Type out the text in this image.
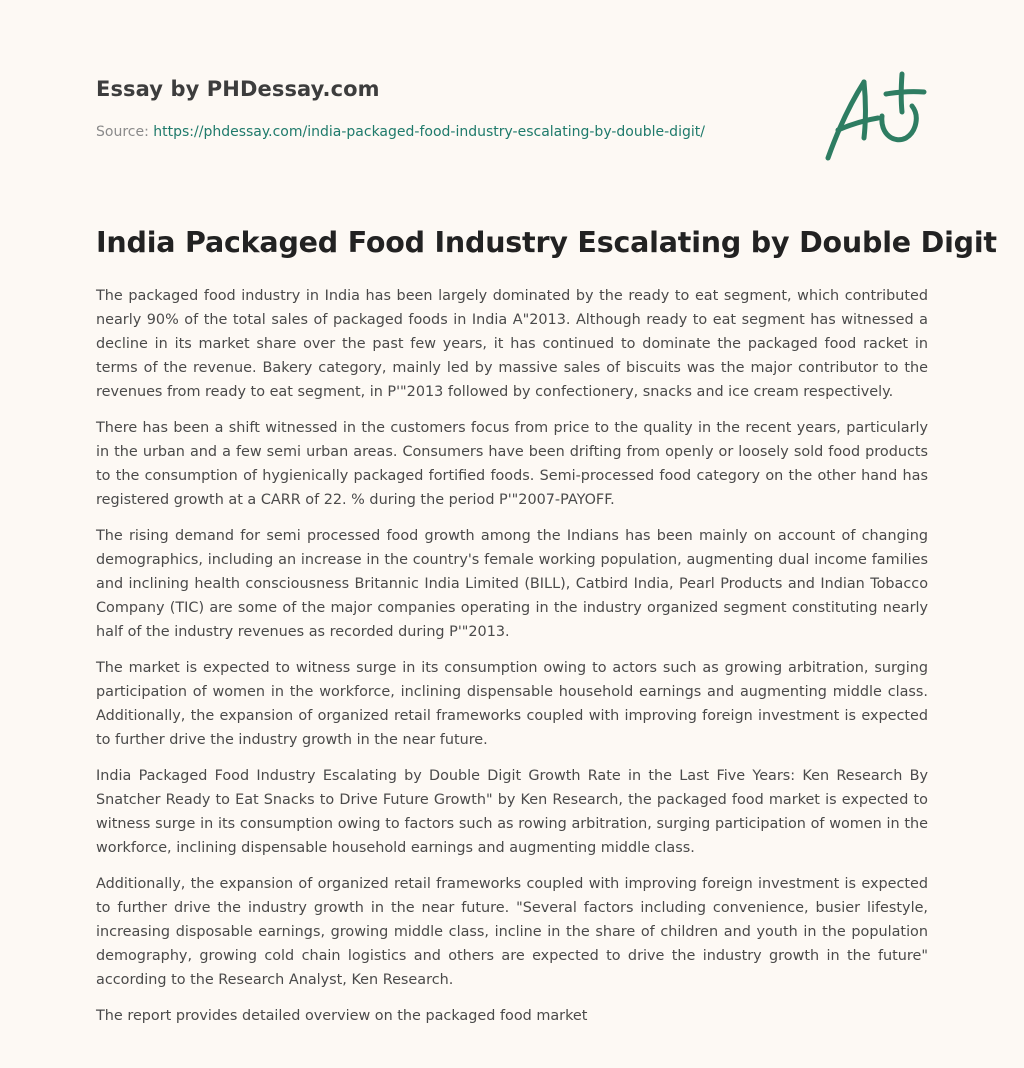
Essay by PHDessay.com
Source: https://phdessay.com/india-packaged-food-industry-escalating-by-double-digit/
India Packaged Food Industry Escalating by Double Digit

The packaged food industry in India has been largely dominated by the ready to eat segment, which contributed nearly 90% of the total sales of packaged foods in India A"2013. Although ready to eat segment has witnessed a decline in its market share over the past few years, it has continued to dominate the packaged food racket in terms of the revenue. Bakery category, mainly led by massive sales of biscuits was the major contributor to the revenues from ready to eat segment, in P'"2013 followed by confectionery, snacks and ice cream respectively.

There has been a shift witnessed in the customers focus from price to the quality in the recent years, particularly in the urban and a few semi urban areas. Consumers have been drifting from openly or loosely sold food products to the consumption of hygienically packaged fortified foods. Semi-processed food category on the other hand has registered growth at a CARR of 22. % during the period P'"2007-PAYOFF.

The rising demand for semi processed food growth among the Indians has been mainly on account of changing demographics, including an increase in the country's female working population, augmenting dual income families and inclining health consciousness Britannic India Limited (BILL), Catbird India, Pearl Products and Indian Tobacco Company (TIC) are some of the major companies operating in the industry organized segment constituting nearly half of the industry revenues as recorded during P'"2013.

The market is expected to witness surge in its consumption owing to actors such as growing arbitration, surging participation of women in the workforce, inclining dispensable household earnings and augmenting middle class. Additionally, the expansion of organized retail frameworks coupled with improving foreign investment is expected to further drive the industry growth in the near future.

India Packaged Food Industry Escalating by Double Digit Growth Rate in the Last Five Years: Ken Research By Snatcher Ready to Eat Snacks to Drive Future Growth" by Ken Research, the packaged food market is expected to witness surge in its consumption owing to factors such as rowing arbitration, surging participation of women in the workforce, inclining dispensable household earnings and augmenting middle class.

Additionally, the expansion of organized retail frameworks coupled with improving foreign investment is expected to further drive the industry growth in the near future. "Several factors including convenience, busier lifestyle, increasing disposable earnings, growing middle class, incline in the share of children and youth in the population demography, growing cold chain logistics and others are expected to drive the industry growth in the future" according to the Research Analyst, Ken Research.

The report provides detailed overview on the packaged food market
